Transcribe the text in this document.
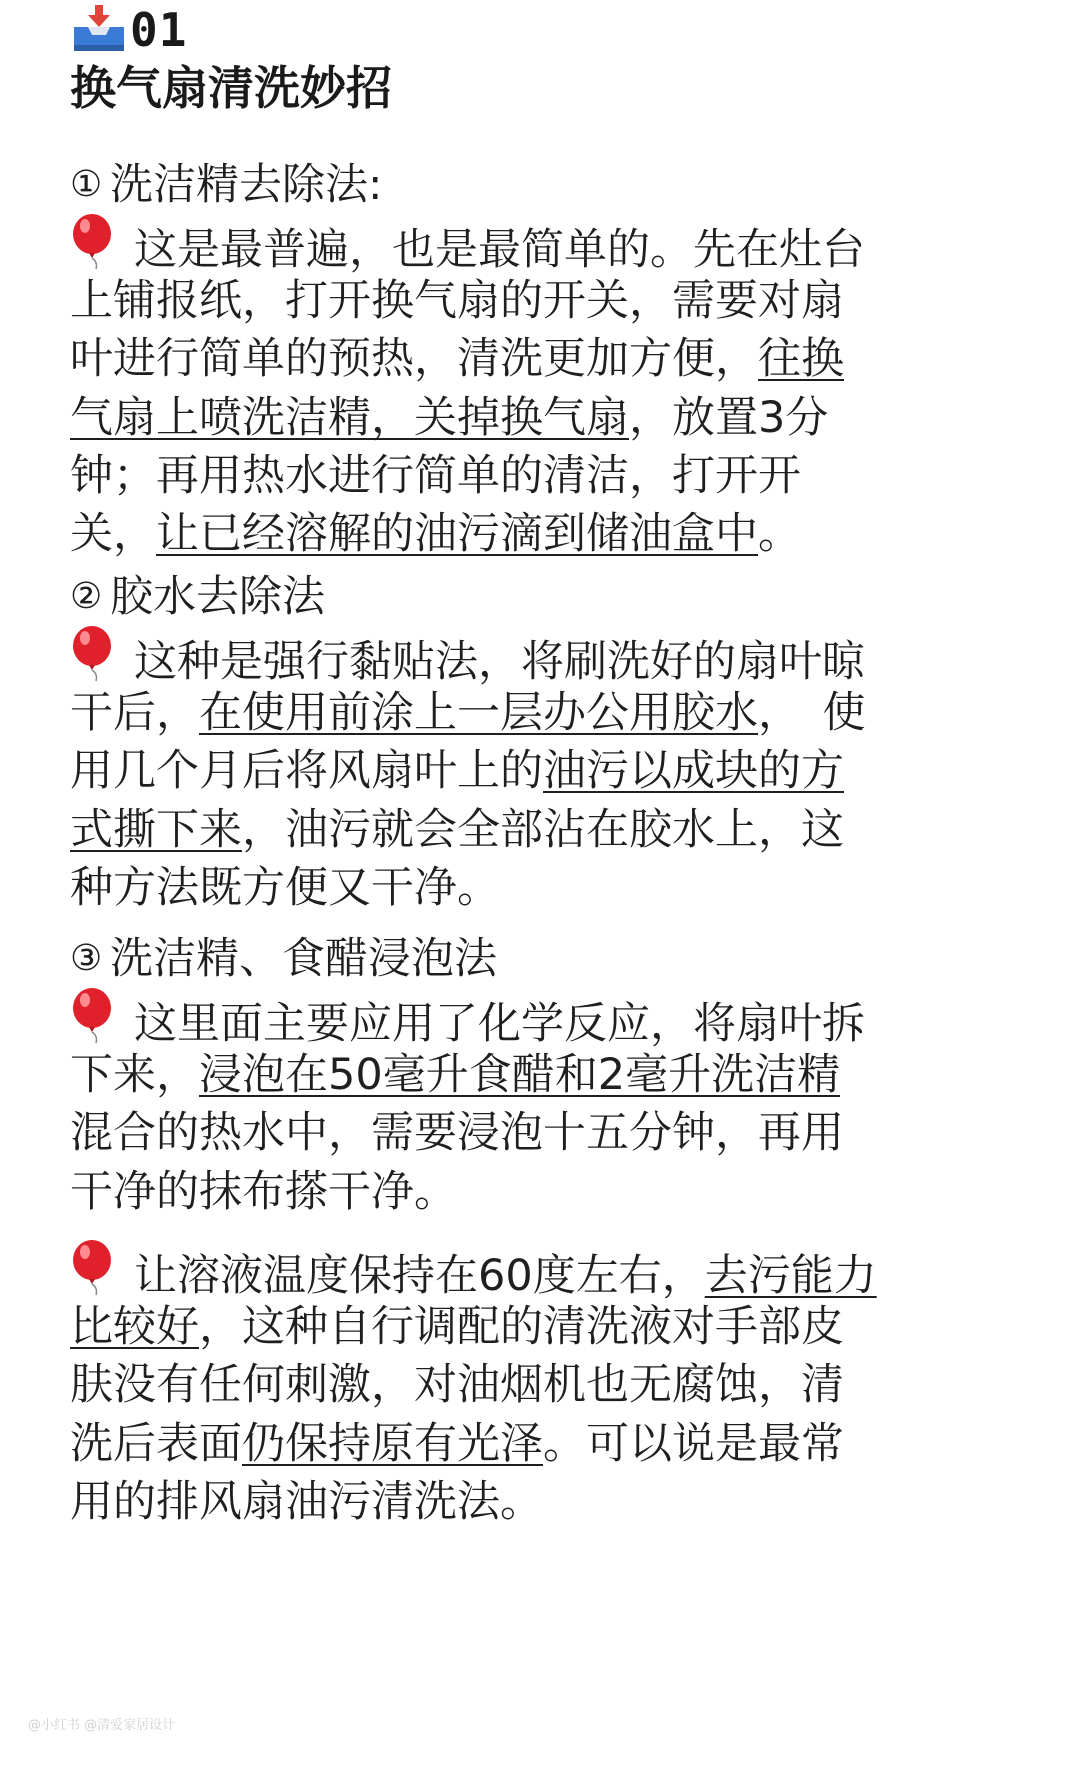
01
换气扇清洗妙招
① 洗洁精去除法:
这是最普遍，也是最简单的。先在灶台
上铺报纸，打开换气扇的开关，需要对扇
叶进行简单的预热，清洗更加方便，往换
气扇上喷洗洁精，关掉换气扇，放置3分
钟；再用热水进行简单的清洁，打开开
关，让已经溶解的油污滴到储油盒中。
② 胶水去除法
这种是强行黏贴法，将刷洗好的扇叶晾
干后，在使用前涂上一层办公用胶水，　使
用几个月后将风扇叶上的油污以成块的方
式撕下来，油污就会全部沾在胶水上，这
种方法既方便又干净。
③ 洗洁精、食醋浸泡法
这里面主要应用了化学反应，将扇叶拆
下来，浸泡在50毫升食醋和2毫升洗洁精
混合的热水中，需要浸泡十五分钟，再用
干净的抹布搽干净。
让溶液温度保持在60度左右，去污能力
比较好，这种自行调配的清洗液对手部皮
肤没有任何刺激，对油烟机也无腐蚀，清
洗后表面仍保持原有光泽。可以说是最常
用的排风扇油污清洗法。
@小红书 @清爱家居设计
